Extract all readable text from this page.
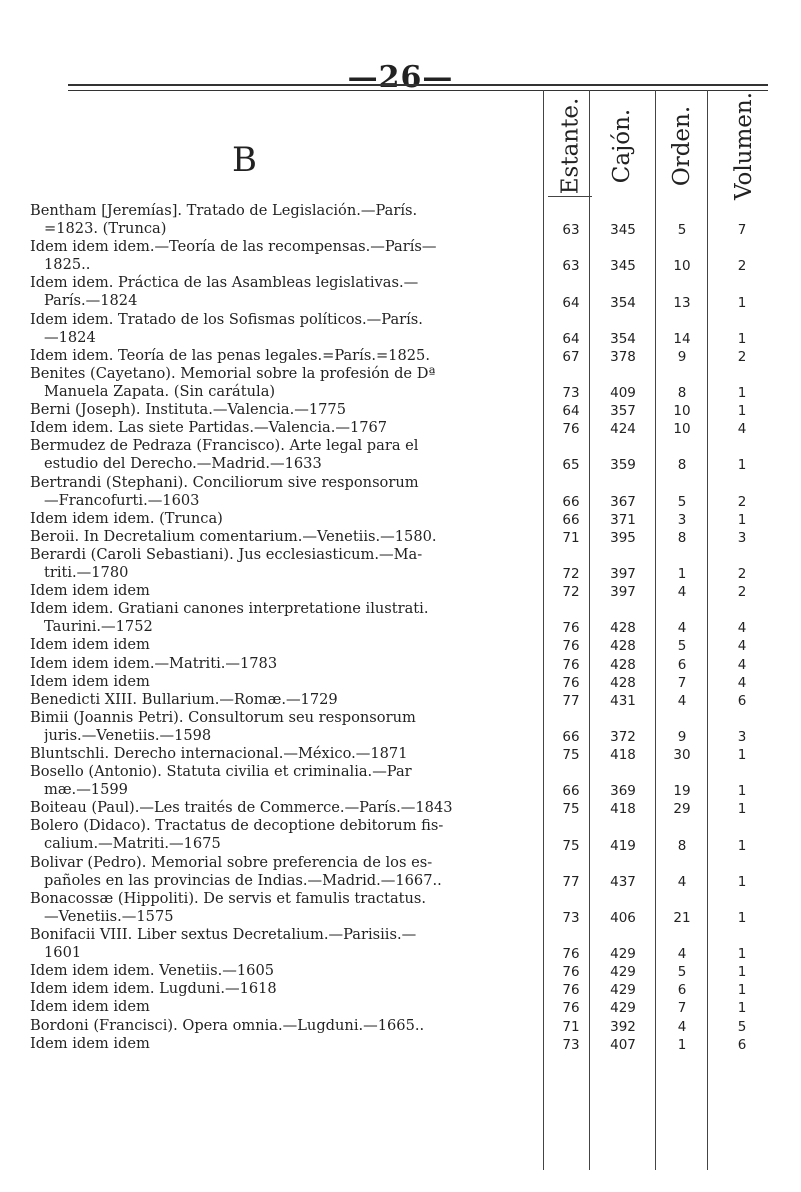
—26—
B	Estante. Cajón. Orden. Volumen.
Bentham [Jeremías]. Tratado de Legislación.—París.
=1823. (Trunca)	63	345	5	7
Idem idem idem.—Teoría de las recompensas.—París—
1825..	63	345	10	2
Idem idem. Práctica de las Asambleas legislativas.—
París.—1824	64	354	13	1
Idem idem. Tratado de los Sofismas políticos.—París.
—1824	64	354	14	1
Idem idem. Teoría de las penas legales.=París.=1825.	67	378	9	2
Benites (Cayetano). Memorial sobre la profesión de Dª
Manuela Zapata. (Sin carátula)	73	409	8	1
Berni (Joseph). Instituta.—Valencia.—1775	64	357	10	1
Idem idem. Las siete Partidas.—Valencia.—1767	76	424	10	4
Bermudez de Pedraza (Francisco). Arte legal para el
estudio del Derecho.—Madrid.—1633	65	359	8	1
Bertrandi (Stephani). Conciliorum sive responsorum
—Francofurti.—1603	66	367	5	2
Idem idem idem. (Trunca)	66	371	3	1
Beroii. In Decretalium comentarium.—Venetiis.—1580.	71	395	8	3
Berardi (Caroli Sebastiani). Jus ecclesiasticum.—Ma-
triti.—1780	72	397	1	2
Idem idem idem	72	397	4	2
Idem idem. Gratiani canones interpretatione ilustrati.
Taurini.—1752	76	428	4	4
Idem idem idem	76	428	5	4
Idem idem idem.—Matriti.—1783	76	428	6	4
Idem idem idem	76	428	7	4
Benedicti XIII. Bullarium.—Romæ.—1729	77	431	4	6
Bimii (Joannis Petri). Consultorum seu responsorum
juris.—Venetiis.—1598	66	372	9	3
Bluntschli. Derecho internacional.—México.—1871	75	418	30	1
Bosello (Antonio). Statuta civilia et criminalia.—Par
mæ.—1599	66	369	19	1
Boiteau (Paul).—Les traités de Commerce.—París.—1843	75	418	29	1
Bolero (Didaco). Tractatus de decoptione debitorum fis-
calium.—Matriti.—1675	75	419	8	1
Bolivar (Pedro). Memorial sobre preferencia de los es-
pañoles en las provincias de Indias.—Madrid.—1667..	77	437	4	1
Bonacossæ (Hippoliti). De servis et famulis tractatus.
—Venetiis.—1575	73	406	21	1
Bonifacii VIII. Liber sextus Decretalium.—Parisiis.—
1601	76	429	4	1
Idem idem idem. Venetiis.—1605	76	429	5	1
Idem idem idem. Lugduni.—1618	76	429	6	1
Idem idem idem	76	429	7	1
Bordoni (Francisci). Opera omnia.—Lugduni.—1665..	71	392	4	5
Idem idem idem	73	407	1	6
